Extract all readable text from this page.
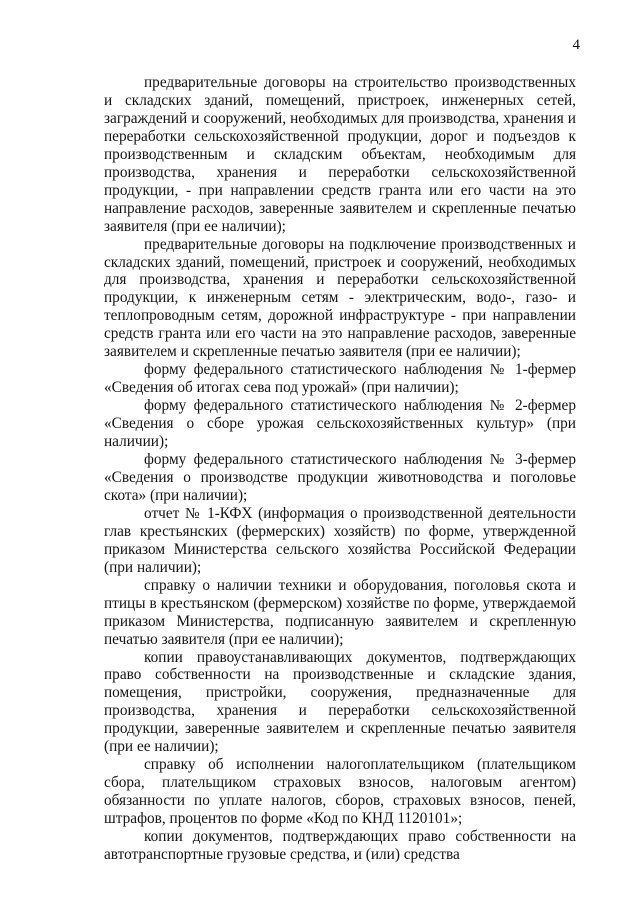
4

предварительные договоры на строительство производственных и складских зданий, помещений, пристроек, инженерных сетей, заграждений и сооружений, необходимых для производства, хранения и переработки сельскохозяйственной продукции, дорог и подъездов к производственным и складским объектам, необходимым для производства, хранения и переработки сельскохозяйственной продукции, - при направлении средств гранта или его части на это направление расходов, заверенные заявителем и скрепленные печатью заявителя (при ее наличии);

предварительные договоры на подключение производственных и складских зданий, помещений, пристроек и сооружений, необходимых для производства, хранения и переработки сельскохозяйственной продукции, к инженерным сетям - электрическим, водо-, газо- и теплопроводным сетям, дорожной инфраструктуре - при направлении средств гранта или его части на это направление расходов, заверенные заявителем и скрепленные печатью заявителя (при ее наличии);

форму федерального статистического наблюдения № 1-фермер «Сведения об итогах сева под урожай» (при наличии);

форму федерального статистического наблюдения № 2-фермер «Сведения о сборе урожая сельскохозяйственных культур» (при наличии);

форму федерального статистического наблюдения № 3-фермер «Сведения о производстве продукции животноводства и поголовье скота» (при наличии);

отчет № 1-КФХ (информация о производственной деятельности глав крестьянских (фермерских) хозяйств) по форме, утвержденной приказом Министерства сельского хозяйства Российской Федерации (при наличии);

справку о наличии техники и оборудования, поголовья скота и птицы в крестьянском (фермерском) хозяйстве по форме, утверждаемой приказом Министерства, подписанную заявителем и скрепленную печатью заявителя (при ее наличии);

копии правоустанавливающих документов, подтверждающих право собственности на производственные и складские здания, помещения, пристройки, сооружения, предназначенные для производства, хранения и переработки сельскохозяйственной продукции, заверенные заявителем и скрепленные печатью заявителя (при ее наличии);

справку об исполнении налогоплательщиком (плательщиком сбора, плательщиком страховых взносов, налоговым агентом) обязанности по уплате налогов, сборов, страховых взносов, пеней, штрафов, процентов по форме «Код по КНД 1120101»;

копии документов, подтверждающих право собственности на автотранспортные грузовые средства, и (или) средства
